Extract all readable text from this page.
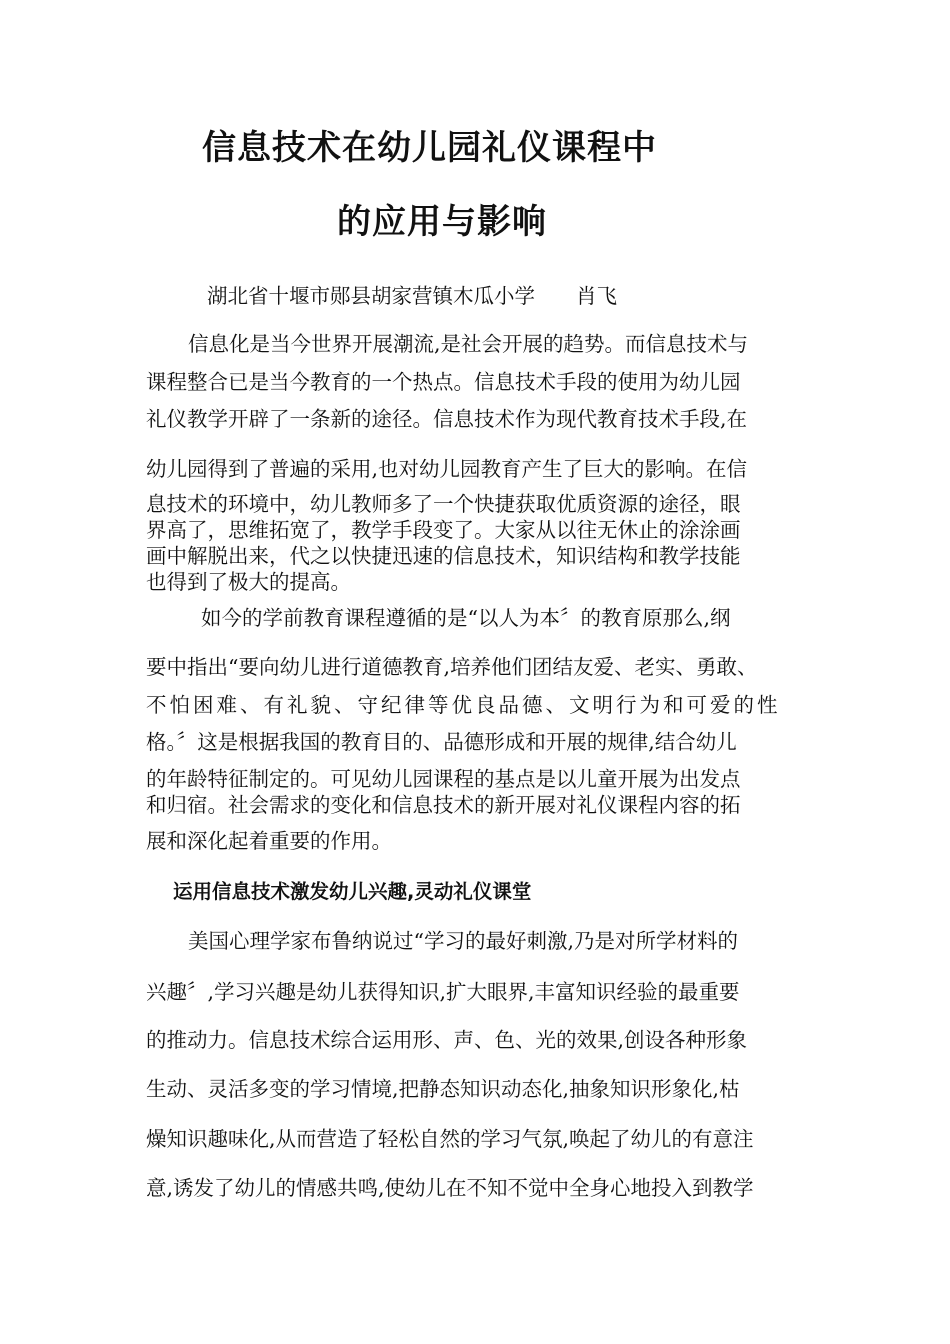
信息技术在幼儿园礼仪课程中
的应用与影响
湖北省十堰市郧县胡家营镇木瓜小学　　肖飞
信息化是当今世界开展潮流,是社会开展的趋势。而信息技术与
课程整合已是当今教育的一个热点。信息技术手段的使用为幼儿园
礼仪教学开辟了一条新的途径。信息技术作为现代教育技术手段,在
幼儿园得到了普遍的采用,也对幼儿园教育产生了巨大的影响。在信
息技术的环境中，幼儿教师多了一个快捷获取优质资源的途径，眼
界高了，思维拓宽了，教学手段变了。大家从以往无休止的涂涂画
画中解脱出来，代之以快捷迅速的信息技术，知识结构和教学技能
也得到了极大的提高。
如今的学前教育课程遵循的是“以人为本〞的教育原那么,纲
要中指出“要向幼儿进行道德教育,培养他们团结友爱、老实、勇敢、
不怕困难、有礼貌、守纪律等优良品德、文明行为和可爱的性
格。〞这是根据我国的教育目的、品德形成和开展的规律,结合幼儿
的年龄特征制定的。可见幼儿园课程的基点是以儿童开展为出发点
和归宿。社会需求的变化和信息技术的新开展对礼仪课程内容的拓
展和深化起着重要的作用。
运用信息技术激发幼儿兴趣,灵动礼仪课堂
美国心理学家布鲁纳说过“学习的最好刺激,乃是对所学材料的
兴趣〞,学习兴趣是幼儿获得知识,扩大眼界,丰富知识经验的最重要
的推动力。信息技术综合运用形、声、色、光的效果,创设各种形象
生动、灵活多变的学习情境,把静态知识动态化,抽象知识形象化,枯
燥知识趣味化,从而营造了轻松自然的学习气氛,唤起了幼儿的有意注
意,诱发了幼儿的情感共鸣,使幼儿在不知不觉中全身心地投入到教学
